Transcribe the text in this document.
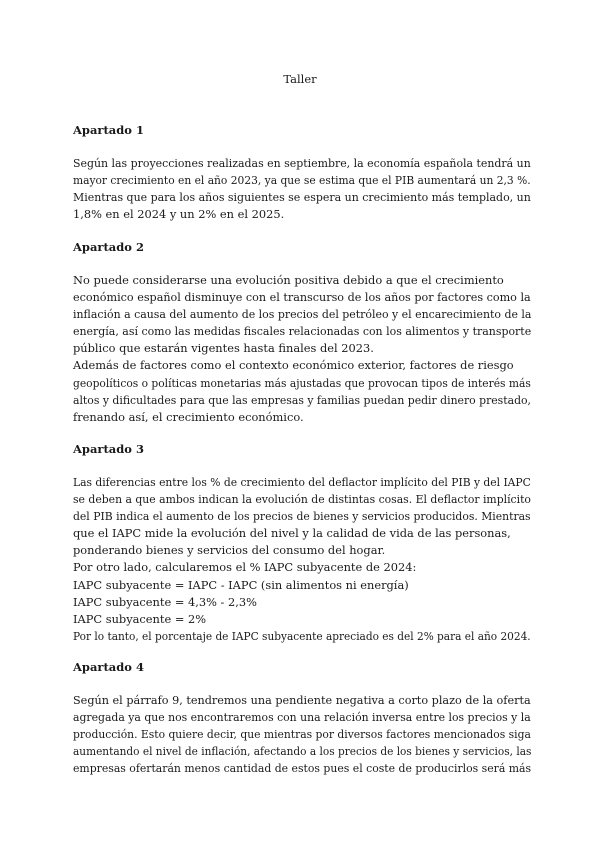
Taller
Apartado 1
Según las proyecciones realizadas en septiembre, la economía española tendrá un
mayor crecimiento en el año 2023, ya que se estima que el PIB aumentará un 2,3 %.
Mientras que para los años siguientes se espera un crecimiento más templado, un
1,8% en el 2024 y un 2% en el 2025.
Apartado 2
No puede considerarse una evolución positiva debido a que el crecimiento
económico español disminuye con el transcurso de los años por factores como la
inflación a causa del aumento de los precios del petróleo y el encarecimiento de la
energía, así como las medidas fiscales relacionadas con los alimentos y transporte
público que estarán vigentes hasta finales del 2023.
Además de factores como el contexto económico exterior, factores de riesgo
geopolíticos o políticas monetarias más ajustadas que provocan tipos de interés más
altos y dificultades para que las empresas y familias puedan pedir dinero prestado,
frenando así, el crecimiento económico.
Apartado 3
Las diferencias entre los % de crecimiento del deflactor implícito del PIB y del IAPC
se deben a que ambos indican la evolución de distintas cosas. El deflactor implícito
del PIB indica el aumento de los precios de bienes y servicios producidos. Mientras
que el IAPC mide la evolución del nivel y la calidad de vida de las personas,
ponderando bienes y servicios del consumo del hogar.
Por otro lado, calcularemos el % IAPC subyacente de 2024:
IAPC subyacente = IAPC - IAPC (sin alimentos ni energía)
IAPC subyacente = 4,3% - 2,3%
IAPC subyacente = 2%
Por lo tanto, el porcentaje de IAPC subyacente apreciado es del 2% para el año 2024.
Apartado 4
Según el párrafo 9, tendremos una pendiente negativa a corto plazo de la oferta
agregada ya que nos encontraremos con una relación inversa entre los precios y la
producción. Esto quiere decir, que mientras por diversos factores mencionados siga
aumentando el nivel de inflación, afectando a los precios de los bienes y servicios, las
empresas ofertarán menos cantidad de estos pues el coste de producirlos será más
